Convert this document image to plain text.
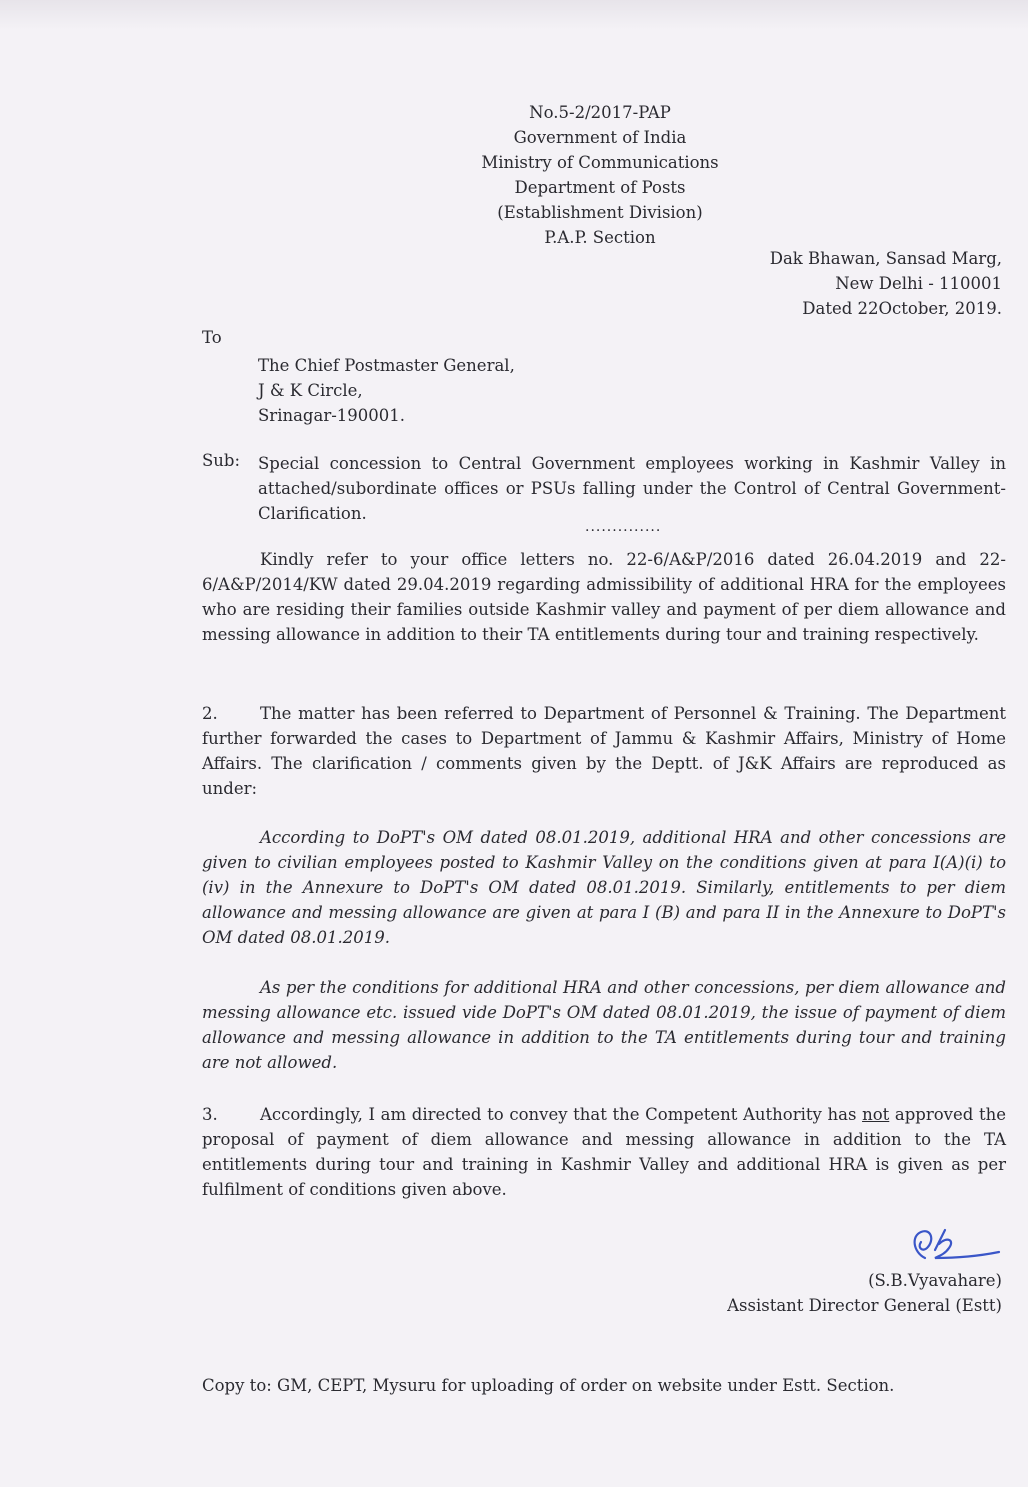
No.5-2/2017-PAP
Government of India
Ministry of Communications
Department of Posts
(Establishment Division)
P.A.P. Section
Dak Bhawan, Sansad Marg,
New Delhi - 110001
Dated 22October, 2019.
To
The Chief Postmaster General,
J & K Circle,
Srinagar-190001.
Sub: Special concession to Central Government employees working in Kashmir Valley in attached/subordinate offices or PSUs falling under the Control of Central Government- Clarification.
..............
Kindly refer to your office letters no. 22-6/A&P/2016 dated 26.04.2019 and 22-6/A&P/2014/KW dated 29.04.2019 regarding admissibility of additional HRA for the employees who are residing their families outside Kashmir valley and payment of per diem allowance and messing allowance in addition to their TA entitlements during tour and training respectively.
2.	The matter has been referred to Department of Personnel & Training. The Department further forwarded the cases to Department of Jammu & Kashmir Affairs, Ministry of Home Affairs. The clarification / comments given by the Deptt. of J&K Affairs are reproduced as under:
According to DoPT's OM dated 08.01.2019, additional HRA and other concessions are given to civilian employees posted to Kashmir Valley on the conditions given at para I(A)(i) to (iv) in the Annexure to DoPT's OM dated 08.01.2019. Similarly, entitlements to per diem allowance and messing allowance are given at para I (B) and para II in the Annexure to DoPT's OM dated 08.01.2019.
As per the conditions for additional HRA and other concessions, per diem allowance and messing allowance etc. issued vide DoPT's OM dated 08.01.2019, the issue of payment of diem allowance and messing allowance in addition to the TA entitlements during tour and training are not allowed.
3.	Accordingly, I am directed to convey that the Competent Authority has not approved the proposal of payment of diem allowance and messing allowance in addition to the TA entitlements during tour and training in Kashmir Valley and additional HRA is given as per fulfilment of conditions given above.
(S.B.Vyavahare)
Assistant Director General (Estt)
Copy to: GM, CEPT, Mysuru for uploading of order on website under Estt. Section.
